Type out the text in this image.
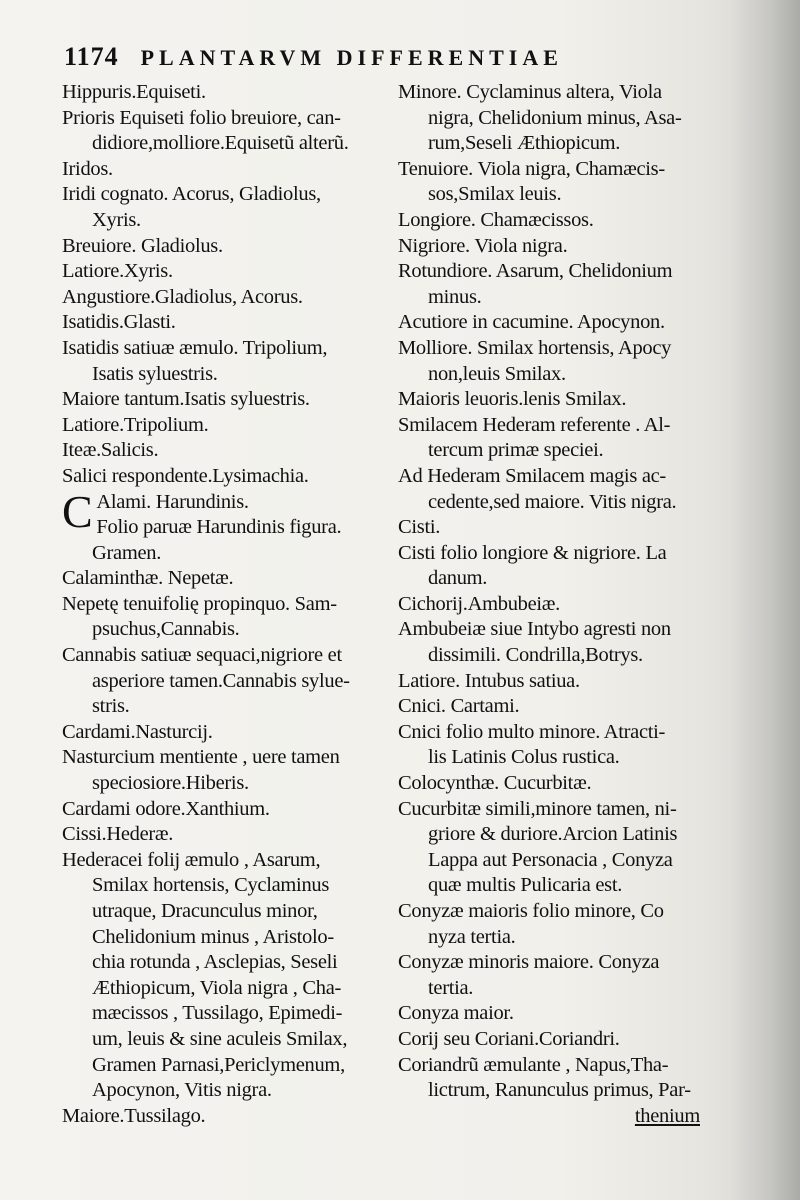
1174 PLANTARVM DIFFERENTIAE
Hippuris.Equiseti.
Prioris Equiseti folio breuiore, can-
didiore,molliore.Equisetũ alterũ.
Iridos.
Iridi cognato. Acorus, Gladiolus,
Xyris.
Breuiore. Gladiolus.
Latiore.Xyris.
Angustiore.Gladiolus, Acorus.
Isatidis.Glasti.
Isatidis satiuæ æmulo. Tripolium,
Isatis syluestris.
Maiore tantum.Isatis syluestris.
Latiore.Tripolium.
Iteæ.Salicis.
Salici respondente.Lysimachia.
C Alami. Harundinis.
Folio paruæ Harundinis figura.
Gramen.
Calaminthæ. Nepetæ.
Nepetę tenuifolię propinquo. Sam-
psuchus,Cannabis.
Cannabis satiuæ sequaci,nigriore et
asperiore tamen.Cannabis sylue-
stris.
Cardami.Nasturcij.
Nasturcium mentiente , uere tamen
speciosiore.Hiberis.
Cardami odore.Xanthium.
Cissi.Hederæ.
Hederacei folij æmulo , Asarum,
Smilax hortensis, Cyclaminus
utraque, Dracunculus minor,
Chelidonium minus , Aristolo-
chia rotunda , Asclepias, Seseli
Æthiopicum, Viola nigra , Cha-
mæcissos , Tussilago, Epimedi-
um, leuis & sine aculeis Smilax,
Gramen Parnasi,Periclymenum,
Apocynon, Vitis nigra.
Maiore.Tussilago.
Minore. Cyclaminus altera, Viola
nigra, Chelidonium minus, Asa-
rum,Seseli Æthiopicum.
Tenuiore. Viola nigra, Chamæcis-
sos,Smilax leuis.
Longiore. Chamæcissos.
Nigriore. Viola nigra.
Rotundiore. Asarum, Chelidonium
minus.
Acutiore in cacumine. Apocynon.
Molliore. Smilax hortensis, Apocy
non,leuis Smilax.
Maioris leuoris.lenis Smilax.
Smilacem Hederam referente . Al-
tercum primæ speciei.
Ad Hederam Smilacem magis ac-
cedente,sed maiore. Vitis nigra.
Cisti.
Cisti folio longiore & nigriore. La
danum.
Cichorij.Ambubeiæ.
Ambubeiæ siue Intybo agresti non
dissimili. Condrilla,Botrys.
Latiore. Intubus satiua.
Cnici. Cartami.
Cnici folio multo minore. Atracti-
lis Latinis Colus rustica.
Colocynthæ. Cucurbitæ.
Cucurbitæ simili,minore tamen, ni-
griore & duriore.Arcion Latinis
Lappa aut Personacia , Conyza
quæ multis Pulicaria est.
Conyzæ maioris folio minore, Co
nyza tertia.
Conyzæ minoris maiore. Conyza
tertia.
Conyza maior.
Corij seu Coriani.Coriandri.
Coriandrũ æmulante , Napus,Tha-
lictrum, Ranunculus primus, Par-
thenium
